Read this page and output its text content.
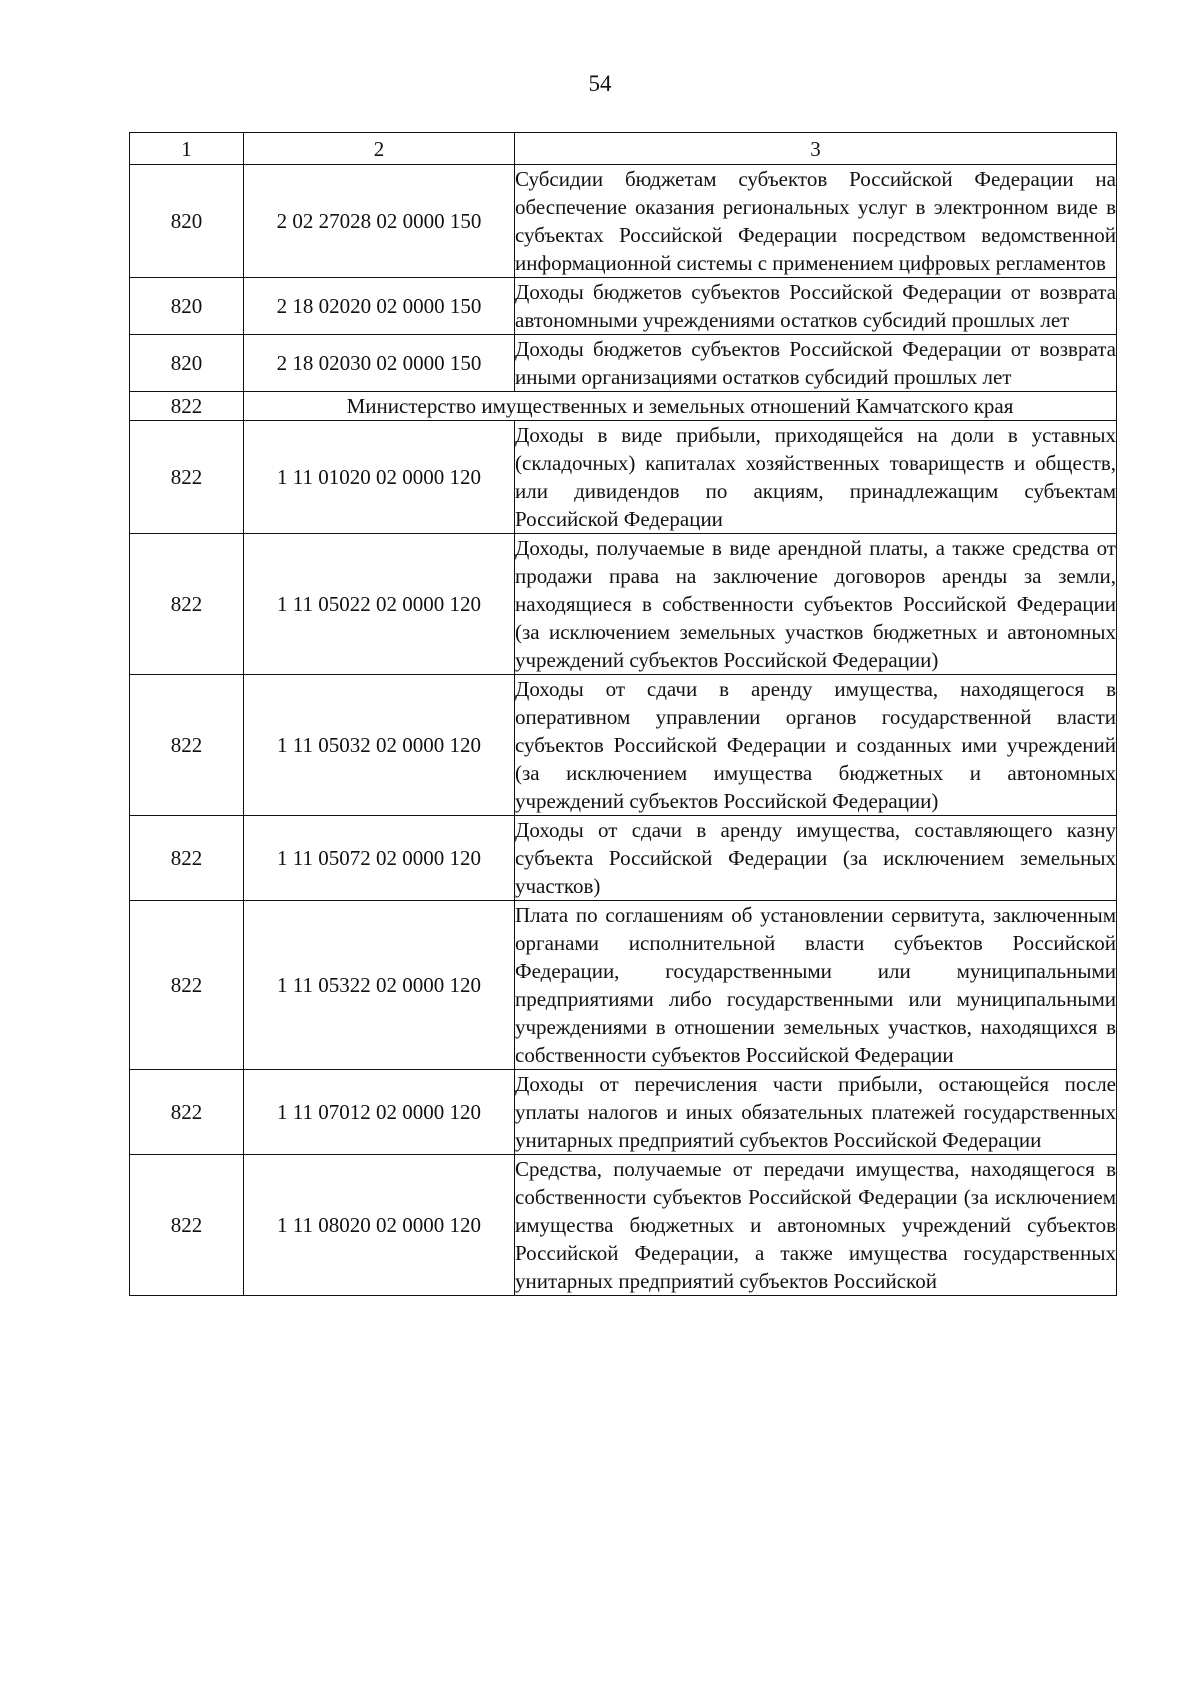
54
1	2	3
820	2 02 27028 02 0000 150	Субсидии бюджетам субъектов Российской Федерации на обеспечение оказания региональных услуг в электронном виде в субъектах Российской Федерации посредством ведомственной информационной системы с применением цифровых регламентов

820	2 18 02020 02 0000 150	Доходы бюджетов субъектов Российской Федерации от возврата автономными учреждениями остатков субсидий прошлых лет

820	2 18 02030 02 0000 150	Доходы бюджетов субъектов Российской Федерации от возврата иными организациями остатков субсидий прошлых лет

822	Министерство имущественных и земельных отношений Камчатского края	
822	1 11 01020 02 0000 120	Доходы в виде прибыли, приходящейся на доли в уставных (складочных) капиталах хозяйственных товариществ и обществ, или дивидендов по акциям, принадлежащим субъектам Российской Федерации

822	1 11 05022 02 0000 120	Доходы, получаемые в виде арендной платы, а также средства от продажи права на заключение договоров аренды за земли, находящиеся в собственности субъектов Российской Федерации (за исключением земельных участков бюджетных и автономных учреждений субъектов Российской Федерации)

822	1 11 05032 02 0000 120	Доходы от сдачи в аренду имущества, находящегося в оперативном управлении органов государственной власти субъектов Российской Федерации и созданных ими учреждений (за исключением имущества бюджетных и автономных учреждений субъектов Российской Федерации)

822	1 11 05072 02 0000 120	Доходы от сдачи в аренду имущества, составляющего казну субъекта Российской Федерации (за исключением земельных участков)

822	1 11 05322 02 0000 120	Плата по соглашениям об установлении сервитута, заключенным органами исполнительной власти субъектов Российской Федерации, государственными или муниципальными предприятиями либо государственными или муниципальными учреждениями в отношении земельных участков, находящихся в собственности субъектов Российской Федерации

822	1 11 07012 02 0000 120	Доходы от перечисления части прибыли, остающейся после уплаты налогов и иных обязательных платежей государственных унитарных предприятий субъектов Российской Федерации

822	1 11 08020 02 0000 120	Средства, получаемые от передачи имущества, находящегося в собственности субъектов Российской Федерации (за исключением имущества бюджетных и автономных учреждений субъектов Российской Федерации, а также имущества государственных унитарных предприятий субъектов Российской
